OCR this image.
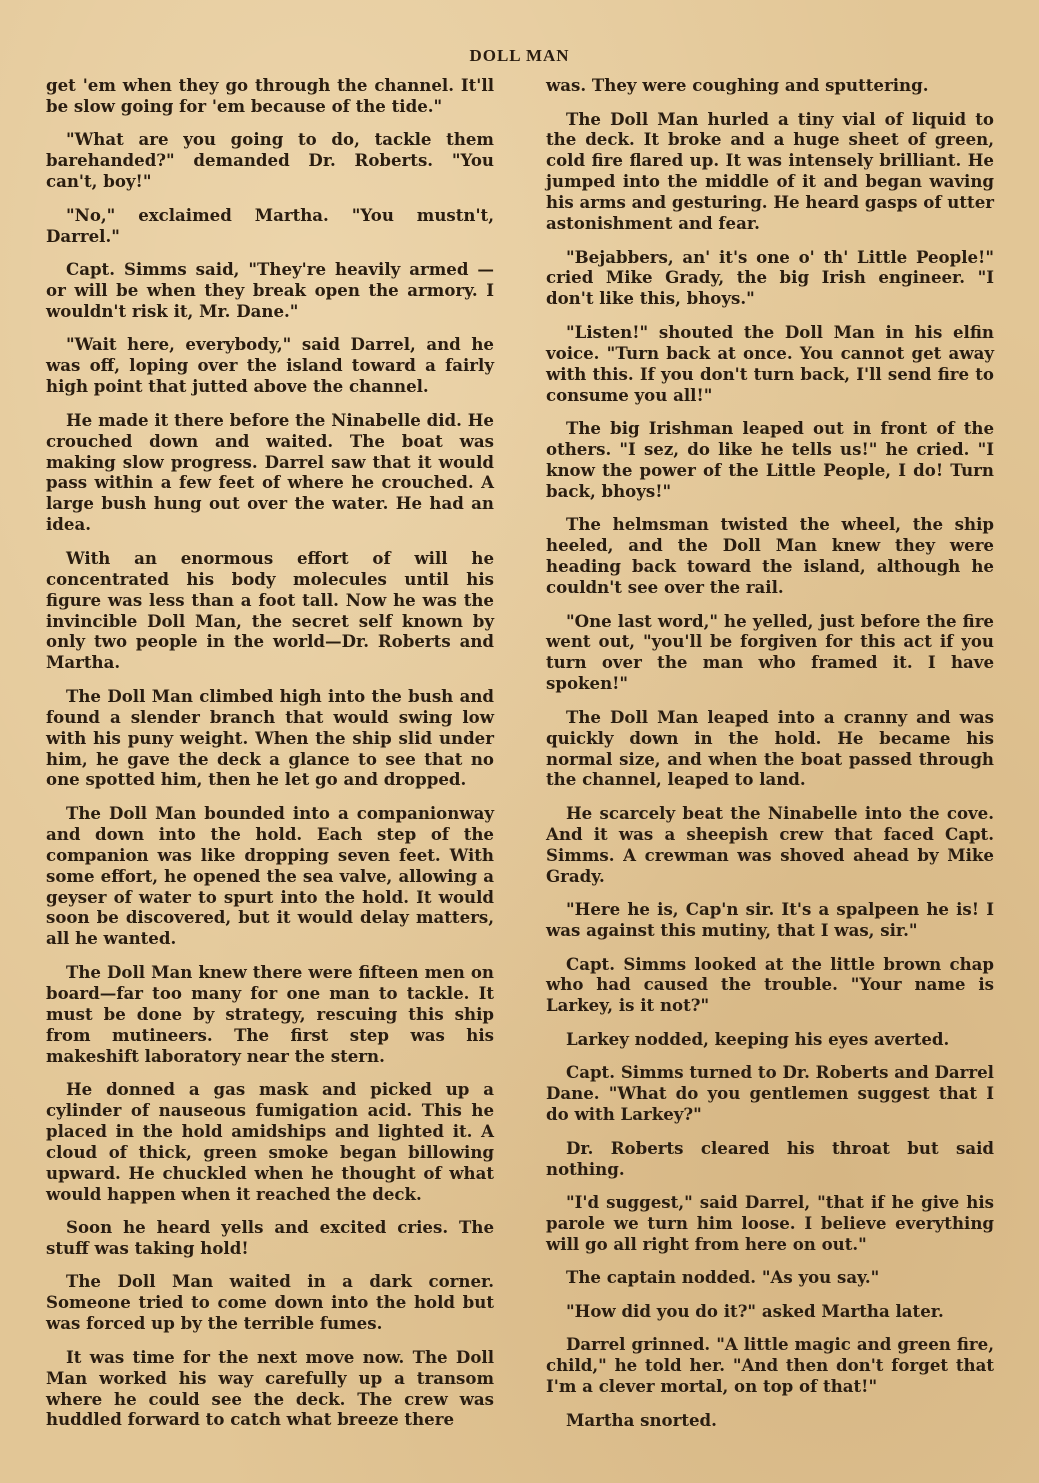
DOLL MAN

get 'em when they go through the channel. It'll be slow going for 'em because of the tide."

"What are you going to do, tackle them barehanded?" demanded Dr. Roberts. "You can't, boy!"

"No," exclaimed Martha. "You mustn't, Darrel."

Capt. Simms said, "They're heavily armed —or will be when they break open the armory. I wouldn't risk it, Mr. Dane."

"Wait here, everybody," said Darrel, and he was off, loping over the island toward a fairly high point that jutted above the channel.

He made it there before the Ninabelle did. He crouched down and waited. The boat was making slow progress. Darrel saw that it would pass within a few feet of where he crouched. A large bush hung out over the water. He had an idea.

With an enormous effort of will he concentrated his body molecules until his figure was less than a foot tall. Now he was the invincible Doll Man, the secret self known by only two people in the world—Dr. Roberts and Martha.

The Doll Man climbed high into the bush and found a slender branch that would swing low with his puny weight. When the ship slid under him, he gave the deck a glance to see that no one spotted him, then he let go and dropped.

The Doll Man bounded into a companionway and down into the hold. Each step of the companion was like dropping seven feet. With some effort, he opened the sea valve, allowing a geyser of water to spurt into the hold. It would soon be discovered, but it would delay matters, all he wanted.

The Doll Man knew there were fifteen men on board—far too many for one man to tackle. It must be done by strategy, rescuing this ship from mutineers. The first step was his makeshift laboratory near the stern.

He donned a gas mask and picked up a cylinder of nauseous fumigation acid. This he placed in the hold amidships and lighted it. A cloud of thick, green smoke began billowing upward. He chuckled when he thought of what would happen when it reached the deck.

Soon he heard yells and excited cries. The stuff was taking hold!

The Doll Man waited in a dark corner. Someone tried to come down into the hold but was forced up by the terrible fumes.

It was time for the next move now. The Doll Man worked his way carefully up a transom where he could see the deck. The crew was huddled forward to catch what breeze there

was. They were coughing and sputtering.

The Doll Man hurled a tiny vial of liquid to the deck. It broke and a huge sheet of green, cold fire flared up. It was intensely brilliant. He jumped into the middle of it and began waving his arms and gesturing. He heard gasps of utter astonishment and fear.

"Bejabbers, an' it's one o' th' Little People!" cried Mike Grady, the big Irish engineer. "I don't like this, bhoys."

"Listen!" shouted the Doll Man in his elfin voice. "Turn back at once. You cannot get away with this. If you don't turn back, I'll send fire to consume you all!"

The big Irishman leaped out in front of the others. "I sez, do like he tells us!" he cried. "I know the power of the Little People, I do! Turn back, bhoys!"

The helmsman twisted the wheel, the ship heeled, and the Doll Man knew they were heading back toward the island, although he couldn't see over the rail.

"One last word," he yelled, just before the fire went out, "you'll be forgiven for this act if you turn over the man who framed it. I have spoken!"

The Doll Man leaped into a cranny and was quickly down in the hold. He became his normal size, and when the boat passed through the channel, leaped to land.

He scarcely beat the Ninabelle into the cove. And it was a sheepish crew that faced Capt. Simms. A crewman was shoved ahead by Mike Grady.

"Here he is, Cap'n sir. It's a spalpeen he is! I was against this mutiny, that I was, sir."

Capt. Simms looked at the little brown chap who had caused the trouble. "Your name is Larkey, is it not?"

Larkey nodded, keeping his eyes averted.

Capt. Simms turned to Dr. Roberts and Darrel Dane. "What do you gentlemen suggest that I do with Larkey?"

Dr. Roberts cleared his throat but said nothing.

"I'd suggest," said Darrel, "that if he give his parole we turn him loose. I believe everything will go all right from here on out."

The captain nodded. "As you say."

"How did you do it?" asked Martha later.

Darrel grinned. "A little magic and green fire, child," he told her. "And then don't forget that I'm a clever mortal, on top of that!"

Martha snorted.
